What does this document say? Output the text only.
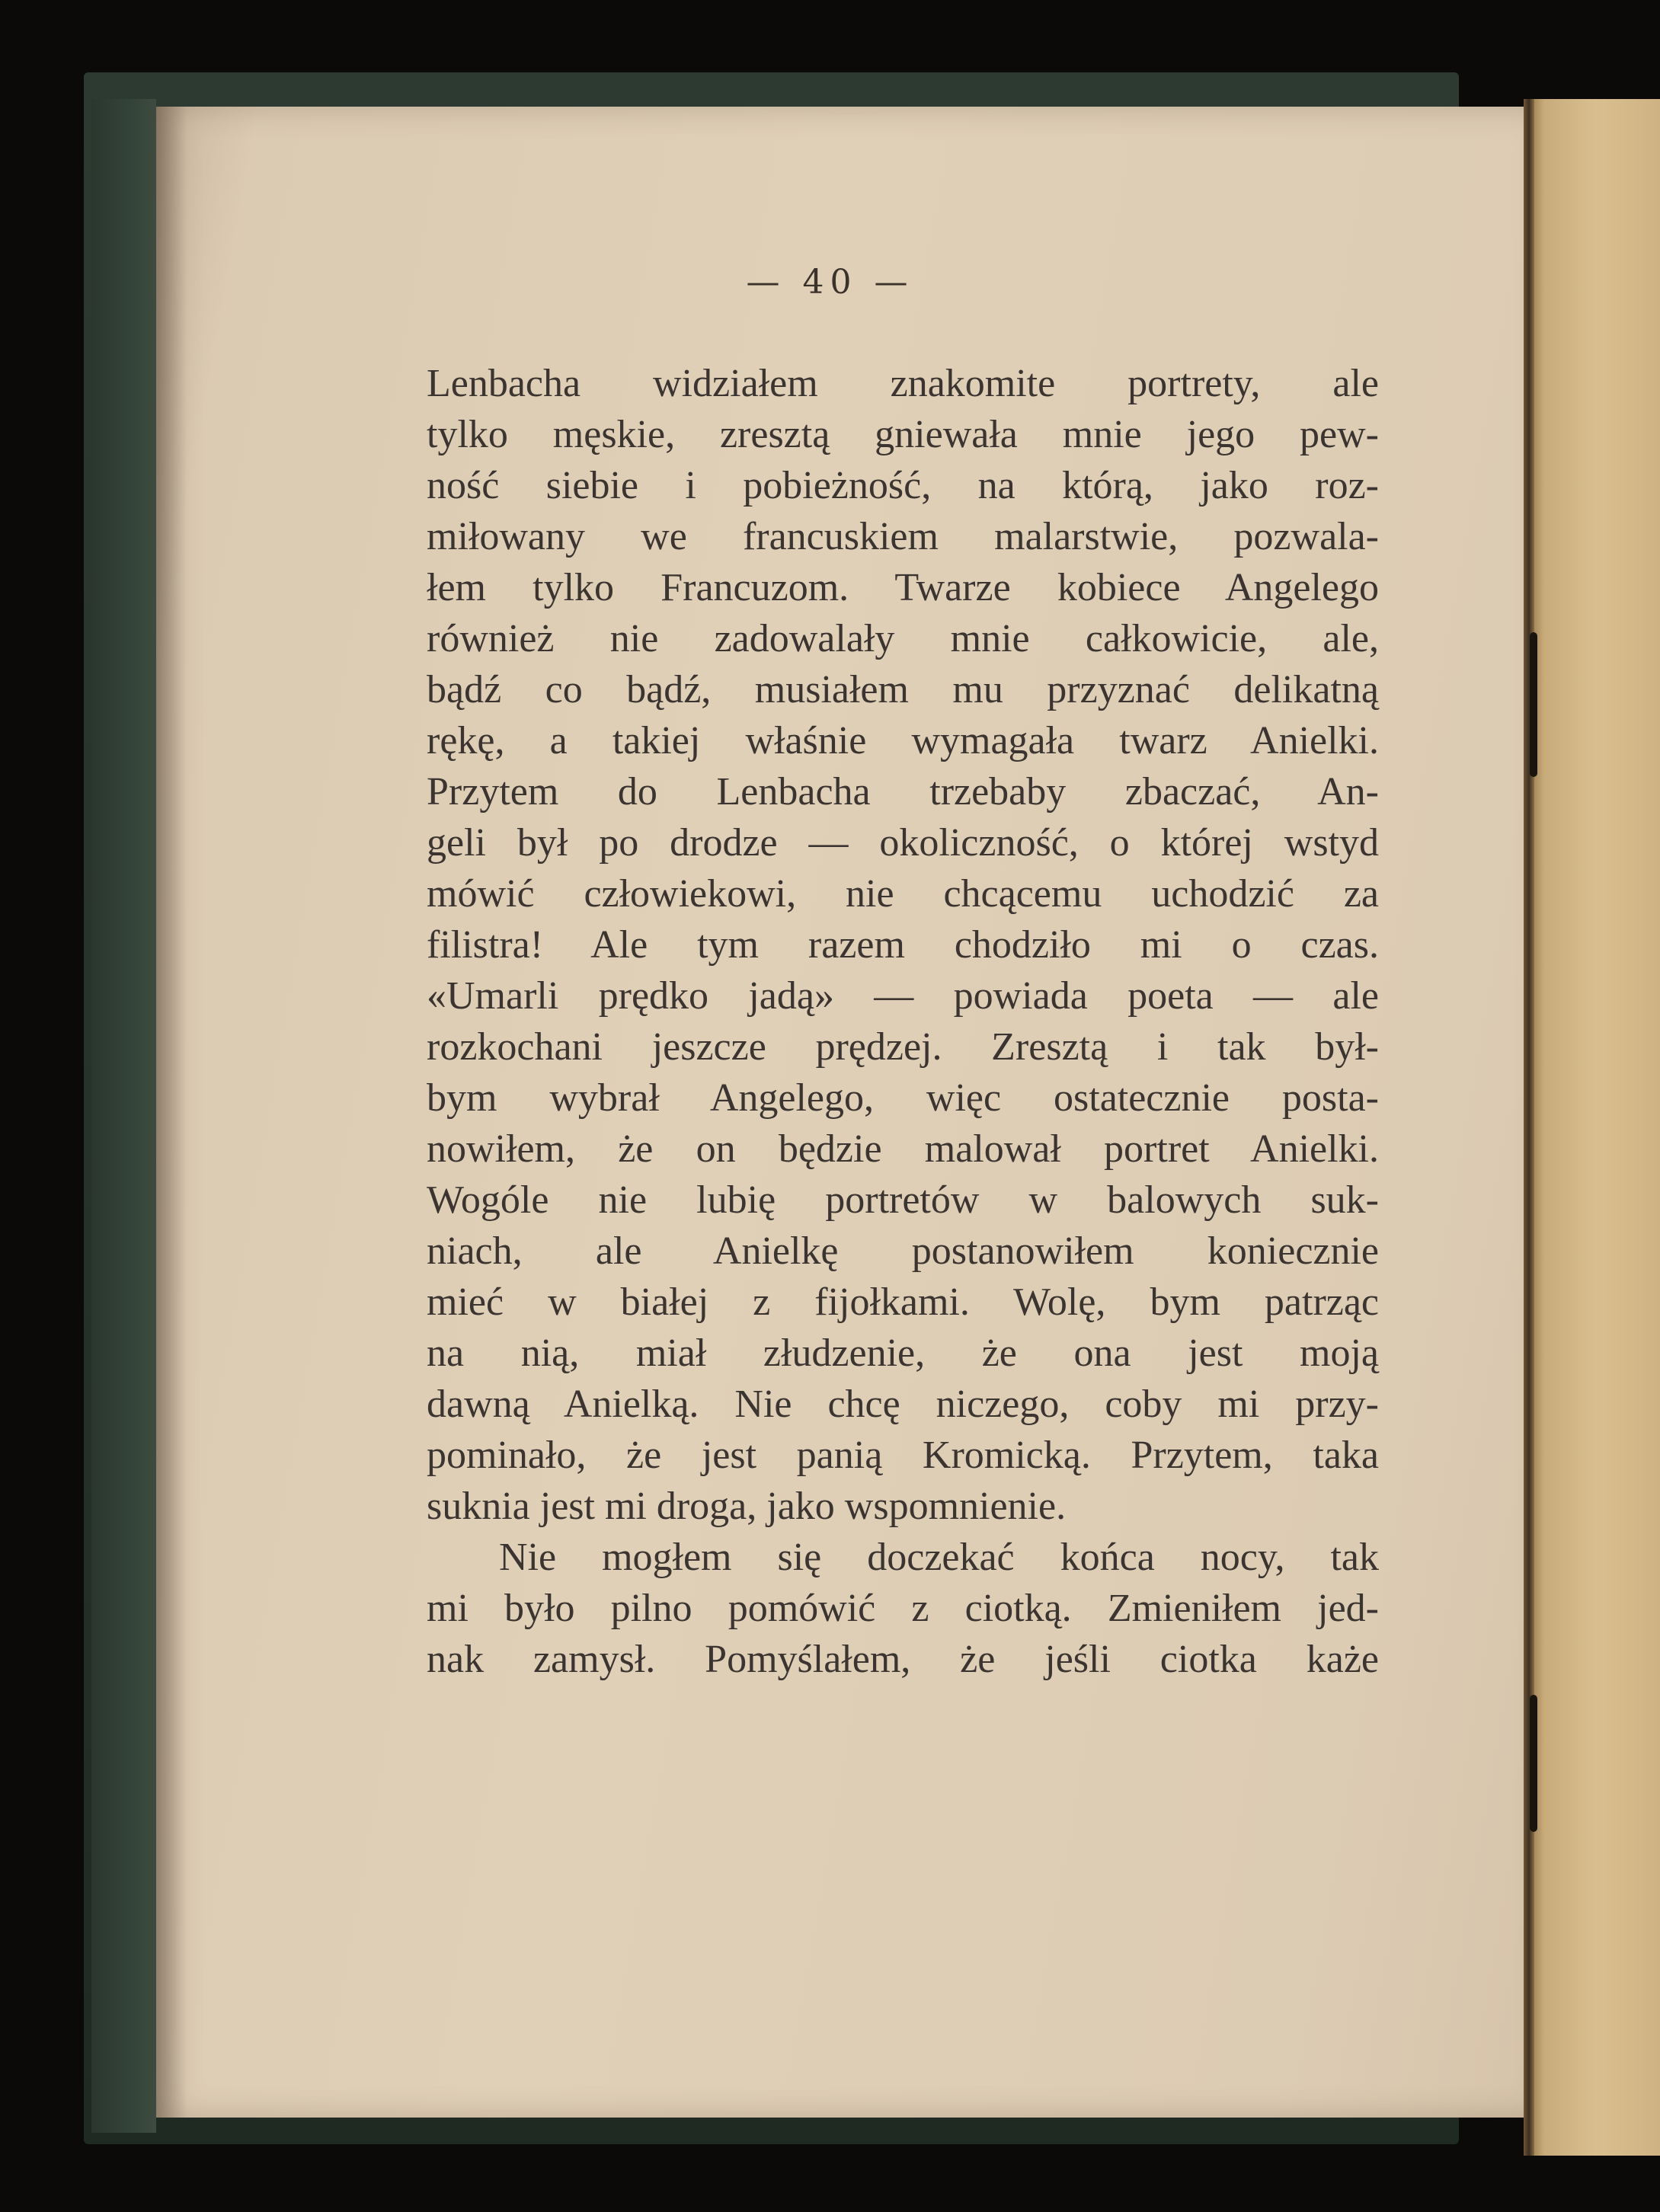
— 40 —
Lenbacha widziałem znakomite portrety, ale
tylko męskie, zresztą gniewała mnie jego pew-
ność siebie i pobieżność, na którą, jako roz-
miłowany we francuskiem malarstwie, pozwala-
łem tylko Francuzom. Twarze kobiece Angelego
również nie zadowalały mnie całkowicie, ale,
bądź co bądź, musiałem mu przyznać delikatną
rękę, a takiej właśnie wymagała twarz Anielki.
Przytem do Lenbacha trzebaby zbaczać, An-
geli był po drodze — okoliczność, o której wstyd
mówić człowiekowi, nie chcącemu uchodzić za
filistra! Ale tym razem chodziło mi o czas.
«Umarli prędko jadą» — powiada poeta — ale
rozkochani jeszcze prędzej. Zresztą i tak był-
bym wybrał Angelego, więc ostatecznie posta-
nowiłem, że on będzie malował portret Anielki.
Wogóle nie lubię portretów w balowych suk-
niach, ale Anielkę postanowiłem koniecznie
mieć w białej z fijołkami. Wolę, bym patrząc
na nią, miał złudzenie, że ona jest moją
dawną Anielką. Nie chcę niczego, coby mi przy-
pominało, że jest panią Kromicką. Przytem, taka
suknia jest mi droga, jako wspomnienie.
Nie mogłem się doczekać końca nocy, tak
mi było pilno pomówić z ciotką. Zmieniłem jed-
nak zamysł. Pomyślałem, że jeśli ciotka każe
